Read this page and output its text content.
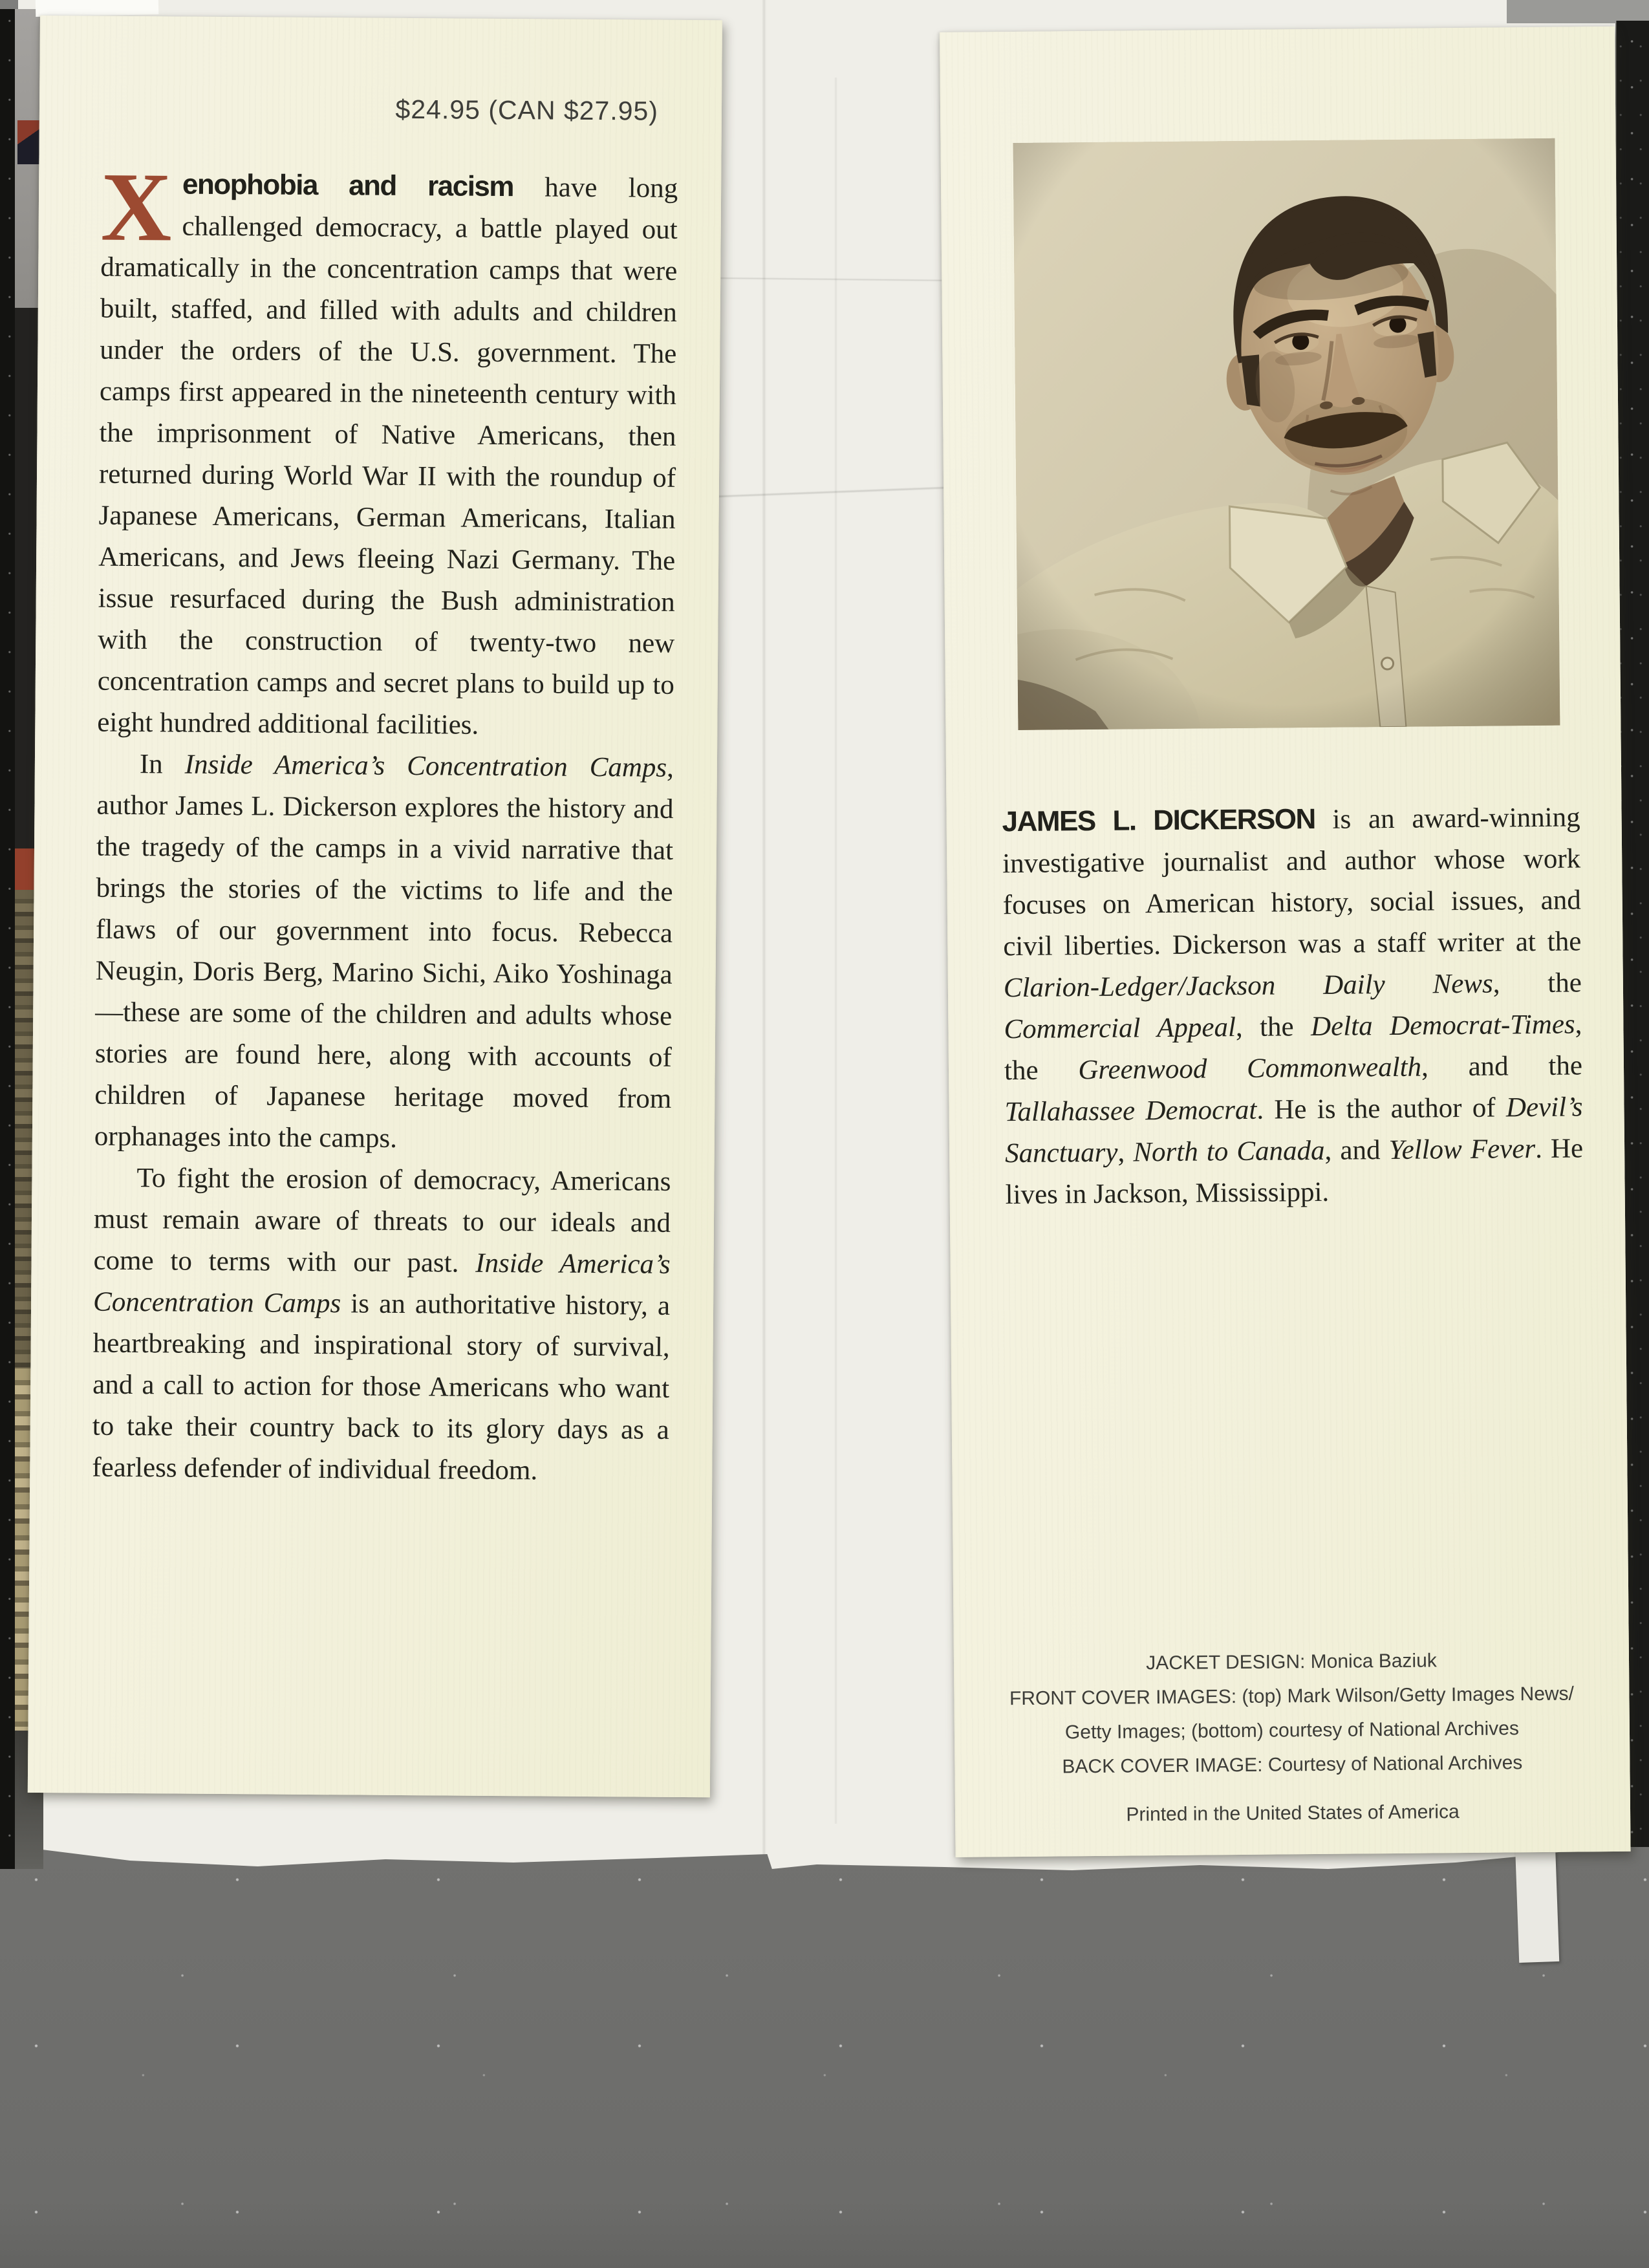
$24.95 (CAN $27.95)

Xenophobia and racism have long challenged democracy, a battle played out dramatically in the concentration camps that were built, staffed, and filled with adults and children under the orders of the U.S. government. The camps first appeared in the nineteenth century with the imprisonment of Native Americans, then returned during World War II with the roundup of Japanese Americans, German Americans, Italian Americans, and Jews fleeing Nazi Germany. The issue resurfaced during the Bush administration with the construction of twenty-two new concentration camps and secret plans to build up to eight hundred additional facilities.

In Inside America’s Concentration Camps, author James L. Dickerson explores the history and the tragedy of the camps in a vivid narrative that brings the stories of the victims to life and the flaws of our government into focus. Rebecca Neugin, Doris Berg, Marino Sichi, Aiko Yoshinaga—these are some of the children and adults whose stories are found here, along with accounts of children of Japanese heritage moved from orphanages into the camps.

To fight the erosion of democracy, Americans must remain aware of threats to our ideals and come to terms with our past. Inside America’s Concentration Camps is an authoritative history, a heartbreaking and inspirational story of survival, and a call to action for those Americans who want to take their country back to its glory days as a fearless defender of individual freedom.

JAMES L. DICKERSON is an award-winning investigative journalist and author whose work focuses on American history, social issues, and civil liberties. Dickerson was a staff writer at the Clarion-Ledger/Jackson Daily News, the Commercial Appeal, the Delta Democrat-Times, the Greenwood Commonwealth, and the Tallahassee Democrat. He is the author of Devil’s Sanctuary, North to Canada, and Yellow Fever. He lives in Jackson, Mississippi.
JACKET DESIGN: Monica Baziuk
FRONT COVER IMAGES: (top) Mark Wilson/Getty Images News/
Getty Images; (bottom) courtesy of National Archives
BACK COVER IMAGE: Courtesy of National Archives
Printed in the United States of America
